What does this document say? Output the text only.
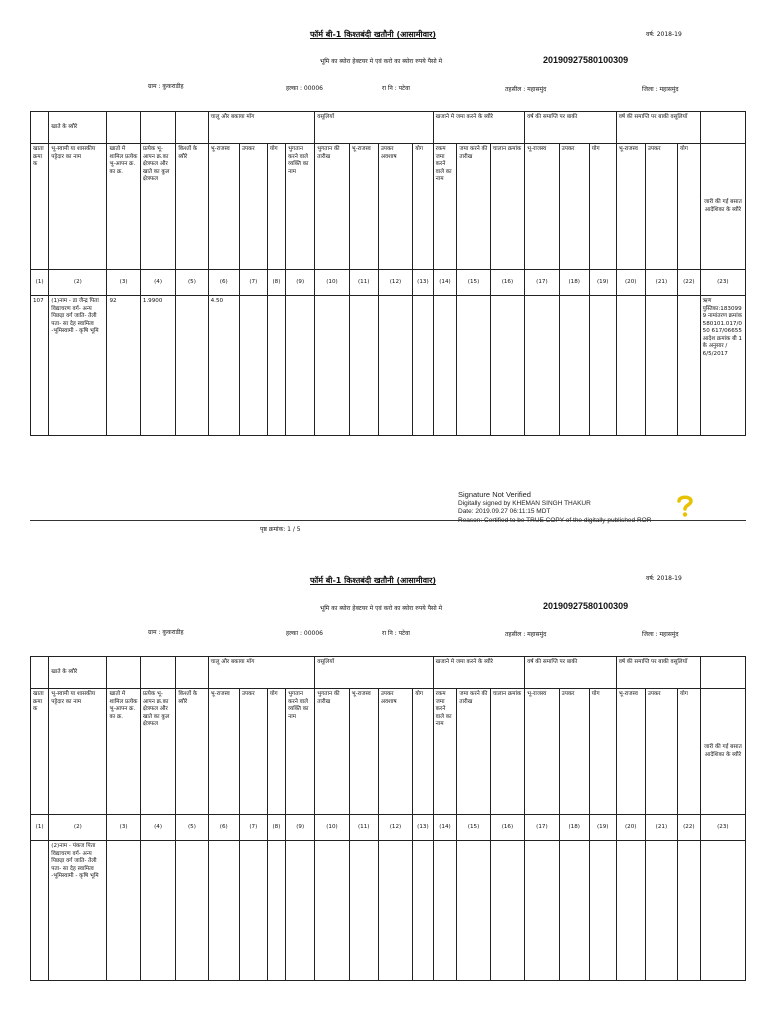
फॉर्म बी-1 किश्तबंदी खतौनी (आसामीवार)	वर्ष: 2018-19
भूमि का ब्योरा हेक्टयर मे एवं करो का ब्योरा रुपये पैसो मे	20190927580100309
ग्राम : कुकराडीह	हल्का : 00006	रा नि : पटेवा	तहसील : महासमुंद	जिला : महासमुंद
	खाते के ब्यौरे				चालू और बकाया माँग				वसूलियाँ				खजाने मे जमा करने के ब्यौरे			वर्ष की समाप्ति पर बाकी			वर्ष की समाप्ति पर बाकी वसूलियाँ			
खाता क्रमा क	भू-स्वामी या शासकीय पट्टेदार का नाम	खातो मे शामिल प्रत्येक भू-आपन क्र. का क्र.	प्रत्येक भू-आपन क्र.का क्षेत्रफल और खाते का कुल क्षेत्रफल	किश्तों के ब्यौरे	भू-राजस्व	उपकर	योग	भुगतान करने वाले व्यक्ति का नाम	भुगतान की तारीख	भू-राजस्व	उपकर अवशाष	योग	रकम जमा करने वाले का नाम	जमा करने की तारीख	चालान क्रमांक	भू-राजस्व	उपकर	योग	भू-राजस्व	उपकर	योग	जारी की गई बसात आदेशिका के ब्यौरे
(1)	(2)	(3)	(4)	(5)	(6)	(7)	(8)	(9)	(10)	(11)	(12)	(13)	(14)	(15)	(16)	(17)	(18)	(19)	(20)	(21)	(22)	(23)
107	(1)नाम - डा जैन्द्र पिता विद्याचरण वर्ग- अन्य पिछड़ा वर्ग जाति- तेली पता- सा देह स्वामित्व -भूमिस्वामी - कृषि भूमि	92	1.9900		4.50																	ऋण पुस्तिका:1830999 नामांतरण क्रमांक 580101.017/050 617/06655 आदेश क्रमांक बी 1 के अनुसार / 6/5/2017
Signature Not Verified
Digitally signed by KHEMAN SINGH THAKUR
Date: 2019.09.27 06:11:15 MDT
पृष्ठ क्रमांक: 1 / 5
फॉर्म बी-1 किश्तबंदी खतौनी (आसामीवार)	वर्ष: 2018-19
भूमि का ब्योरा हेक्टयर मे एवं करो का ब्योरा रुपये पैसो मे	20190927580100309
ग्राम : कुकराडीह	हल्का : 00006	रा नि : पटेवा	तहसील : महासमुंद	जिला : महासमुंद
	खाते के ब्यौरे				चालू और बकाया माँग				वसूलियाँ				खजाने मे जमा करने के ब्यौरे			वर्ष की समाप्ति पर बाकी			वर्ष की समाप्ति पर बाकी वसूलियाँ			
खाता क्रमा क	भू-स्वामी या शासकीय पट्टेदार का नाम	खातो मे शामिल प्रत्येक भू-आपन क्र. का क्र.	प्रत्येक भू-आपन क्र.का क्षेत्रफल और खाते का कुल क्षेत्रफल	किश्तों के ब्यौरे	भू-राजस्व	उपकर	योग	भुगतान करने वाले व्यक्ति का नाम	भुगतान की तारीख	भू-राजस्व	उपकर अवशाष	योग	रकम जमा करने वाले का नाम	जमा करने की तारीख	चालान क्रमांक	भू-राजस्व	उपकर	योग	भू-राजस्व	उपकर	योग	जारी की गई बसात आदेशिका के ब्यौरे
(1)	(2)	(3)	(4)	(5)	(6)	(7)	(8)	(9)	(10)	(11)	(12)	(13)	(14)	(15)	(16)	(17)	(18)	(19)	(20)	(21)	(22)	(23)
	(2)नाम - पंकज पिता विद्याचरण वर्ग- अन्य पिछड़ा वर्ग जाति- तेली पता- सा देह स्वामित्व -भूमिस्वामी - कृषि भूमि																					
